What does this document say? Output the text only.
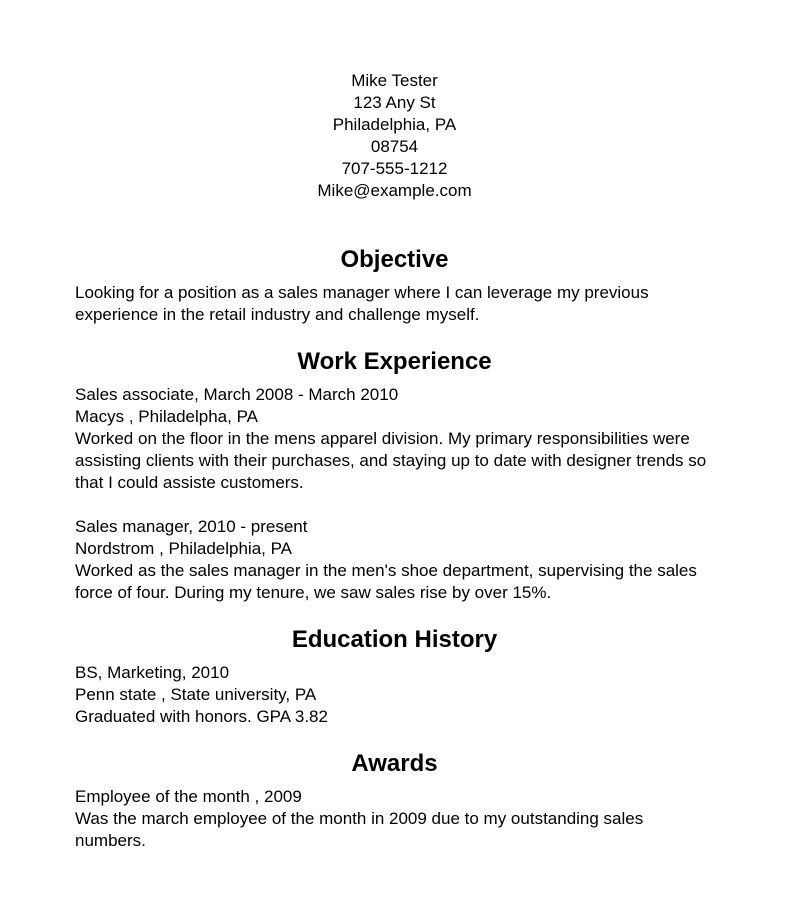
Mike Tester
123 Any St
Philadelphia, PA
08754
707-555-1212
Mike@example.com
Objective

Looking for a position as a sales manager where I can leverage my previous experience in the retail industry and challenge myself.

Work Experience
Sales associate, March 2008 - March 2010
Macys , Philadelpha, PA
Worked on the floor in the mens apparel division. My primary responsibilities were assisting clients with their purchases, and staying up to date with designer trends so that I could assiste customers.
Sales manager, 2010 - present
Nordstrom , Philadelphia, PA
Worked as the sales manager in the men's shoe department, supervising the sales force of four. During my tenure, we saw sales rise by over 15%.
Education History
BS, Marketing, 2010
Penn state , State university, PA
Graduated with honors. GPA 3.82
Awards
Employee of the month , 2009
Was the march employee of the month in 2009 due to my outstanding sales numbers.
